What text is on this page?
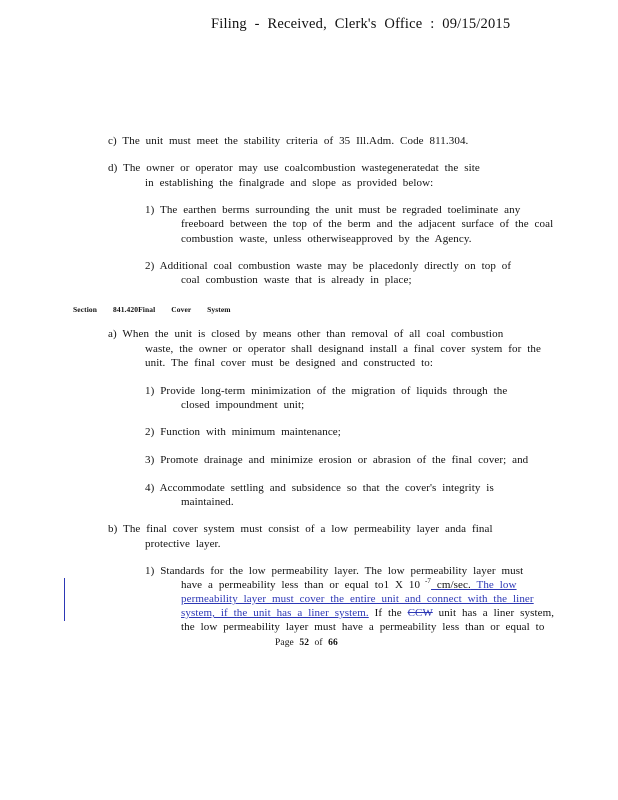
Filing - Received, Clerk's Office : 09/15/2015
c) The unit must meet the stability criteria of 35 Ill.Adm. Code 811.304.
d) The owner or operator may use coalcombustion wastegeneratedat the site
in establishing the finalgrade and slope as provided below:
1) The earthen berms surrounding the unit must be regraded toeliminate any
freeboard between the top of the berm and the adjacent surface of the coal
combustion waste, unless otherwiseapproved by the Agency.
2) Additional coal combustion waste may be placedonly directly on top of
coal combustion waste that is already in place;
Section 841.420Final Cover System
a) When the unit is closed by means other than removal of all coal combustion
waste, the owner or operator shall designand install a final cover system for the
unit. The final cover must be designed and constructed to:
1) Provide long-term minimization of the migration of liquids through the
closed impoundment unit;
2) Function with minimum maintenance;
3) Promote drainage and minimize erosion or abrasion of the final cover; and
4) Accommodate settling and subsidence so that the cover's integrity is
maintained.
b) The final cover system must consist of a low permeability layer anda final
protective layer.
1) Standards for the low permeability layer. The low permeability layer must
have a permeability less than or equal to1 X 10 $^{-7}$ cm/sec. The low
permeability layer must cover the entire unit and connect with the liner
system, if the unit has a liner system. If the CCW unit has a liner system,
the low permeability layer must have a permeability less than or equal to
Page 52 of 66
